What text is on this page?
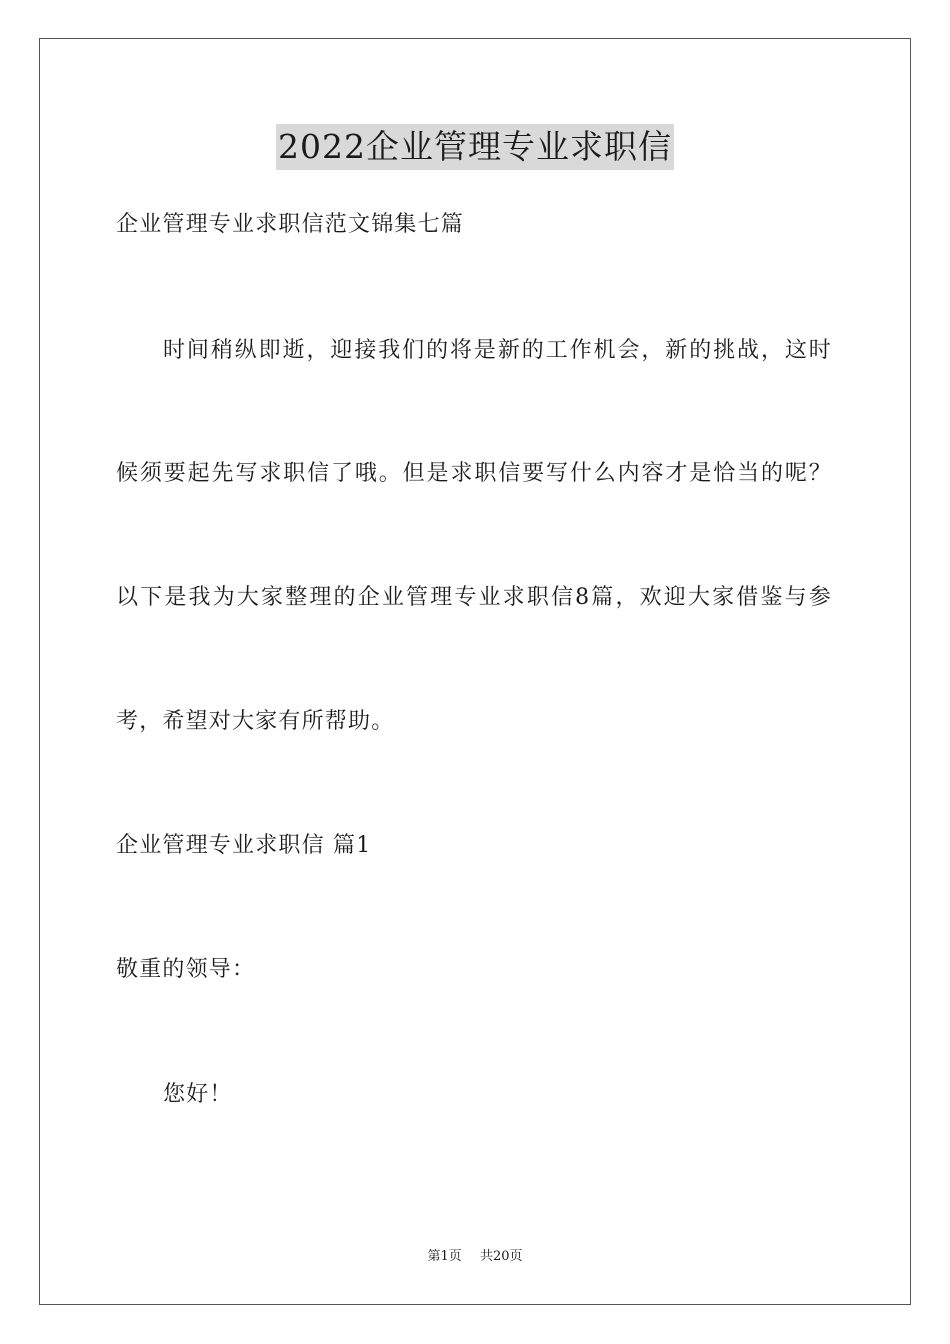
2022企业管理专业求职信
企业管理专业求职信范文锦集七篇
时间稍纵即逝，迎接我们的将是新的工作机会，新的挑战，这时
候须要起先写求职信了哦。但是求职信要写什么内容才是恰当的呢？
以下是我为大家整理的企业管理专业求职信8篇，欢迎大家借鉴与参
考，希望对大家有所帮助。
企业管理专业求职信 篇1
敬重的领导：
您好！
第1页 共20页
